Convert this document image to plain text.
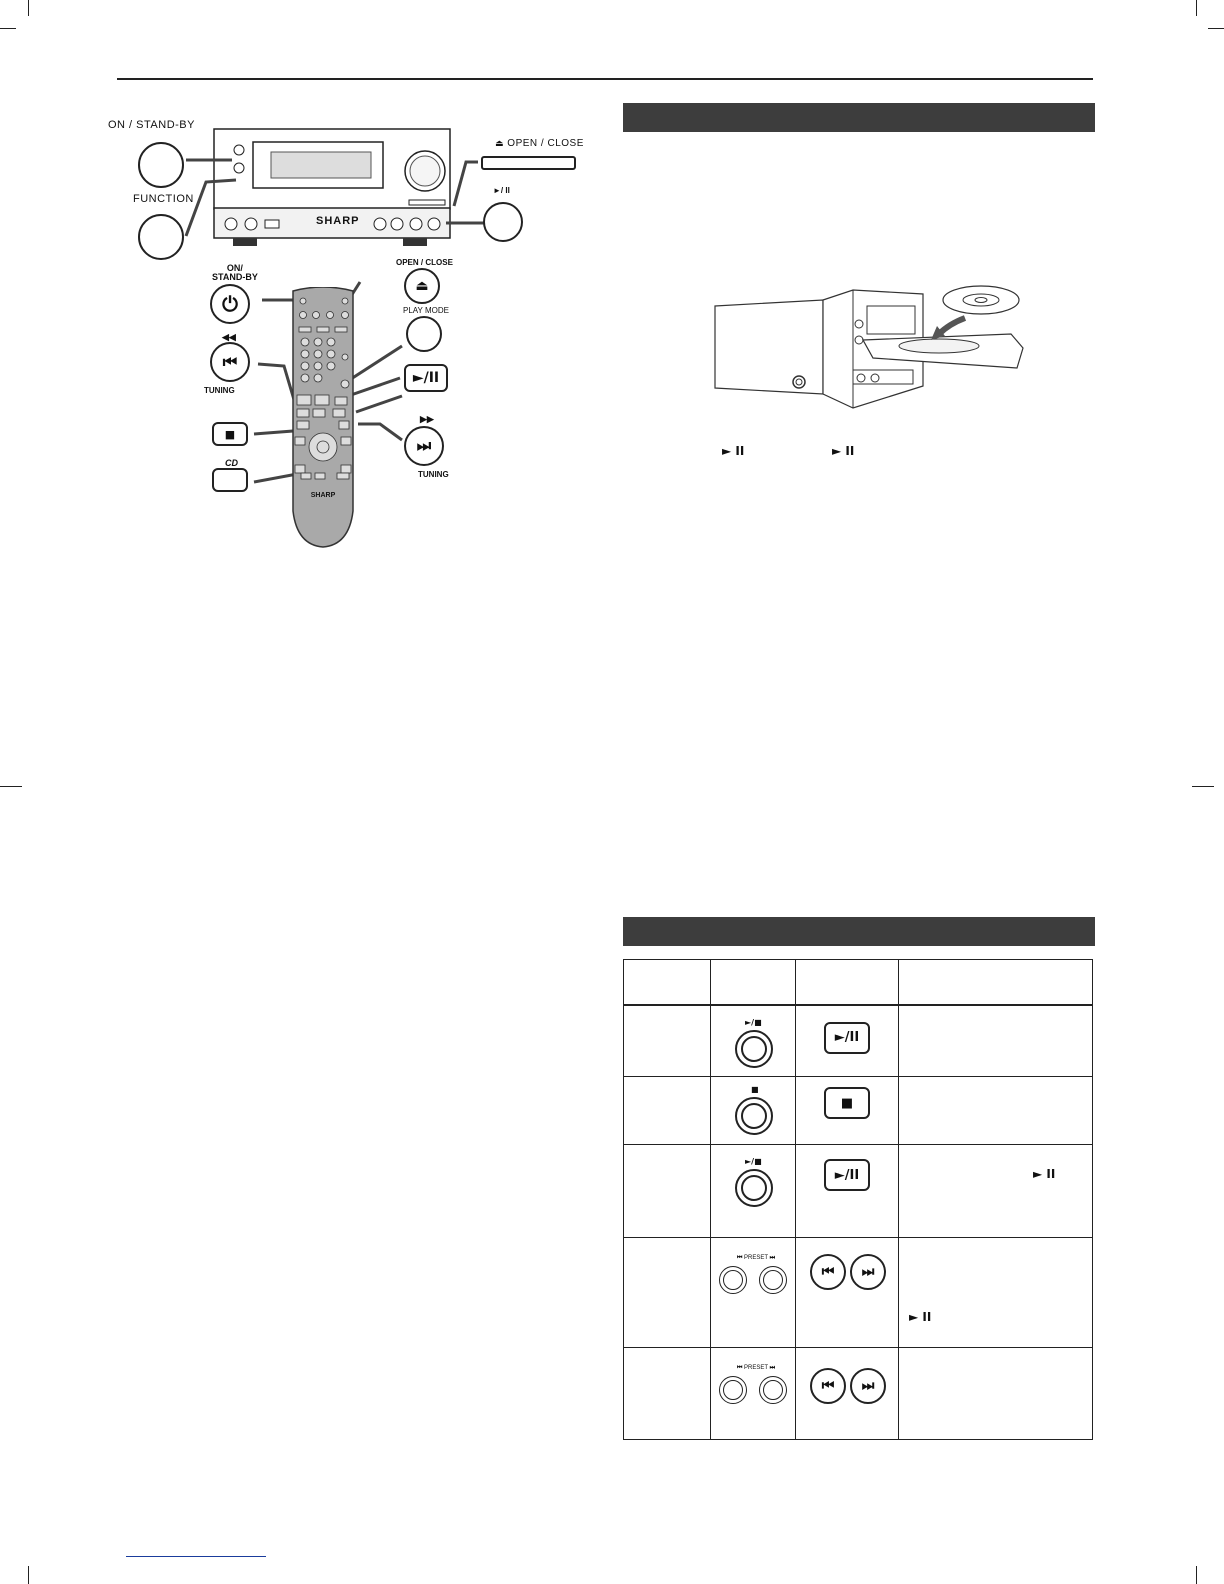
ON / STAND-BY
FUNCTION
SHARP
⏏ OPEN / CLOSE
►/ II
SHARP
ON/
STAND-BY
⏻
OPEN / CLOSE
⏏
PLAY MODE
◀◀
⏮
TUNING
►/II
▶▶
⏭
TUNING
■
CD
► II	► II

	►/■	►/II	

	■	■	

	►/■	►/II	► II

	⏮ PRESET ⏭	⏮ ⏭	► II

	⏮ PRESET ⏭	⏮ ⏭	
